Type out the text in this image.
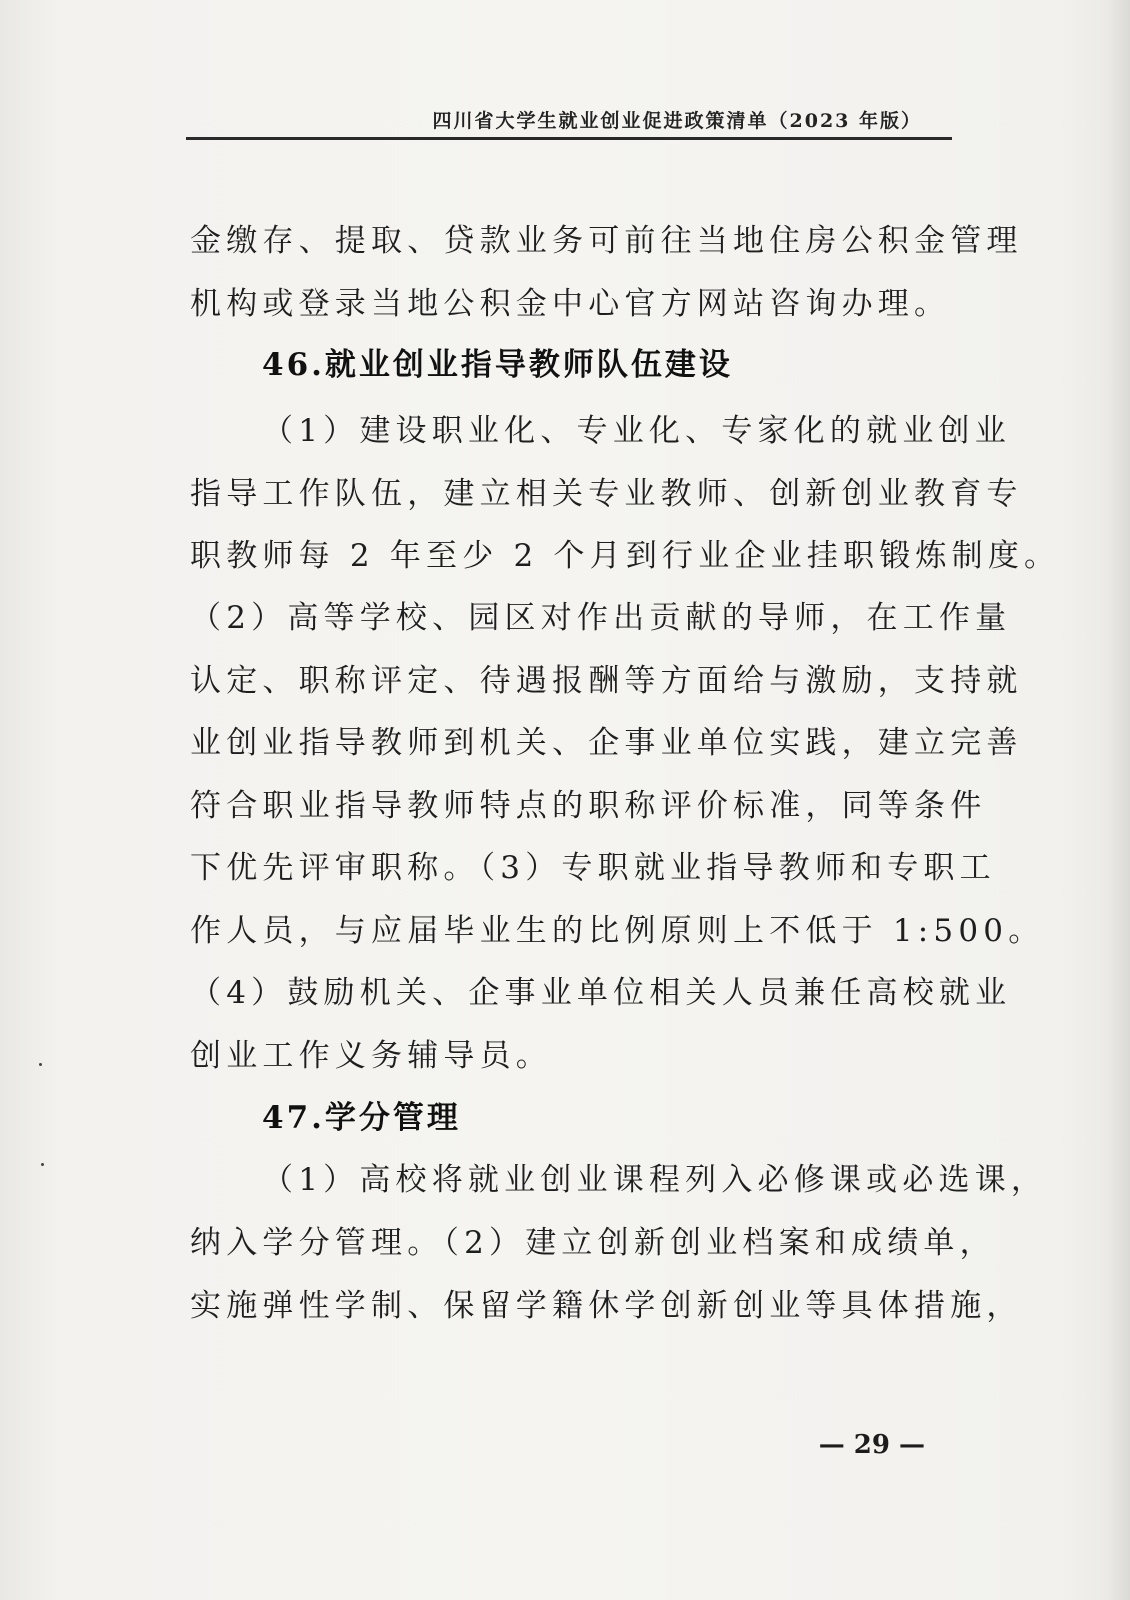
四川省大学生就业创业促进政策清单（2023 年版）
金缴存、提取、贷款业务可前往当地住房公积金管理
机构或登录当地公积金中心官方网站咨询办理。
46.就业创业指导教师队伍建设
（1）建设职业化、专业化、专家化的就业创业
指导工作队伍，建立相关专业教师、创新创业教育专
职教师每 2 年至少 2 个月到行业企业挂职锻炼制度。
（2）高等学校、园区对作出贡献的导师，在工作量
认定、职称评定、待遇报酬等方面给与激励，支持就
业创业指导教师到机关、企事业单位实践，建立完善
符合职业指导教师特点的职称评价标准，同等条件
下优先评审职称。（3）专职就业指导教师和专职工
作人员，与应届毕业生的比例原则上不低于 1:500。
（4）鼓励机关、企事业单位相关人员兼任高校就业
创业工作义务辅导员。
47.学分管理
（1）高校将就业创业课程列入必修课或必选课，
纳入学分管理。（2）建立创新创业档案和成绩单，
实施弹性学制、保留学籍休学创新创业等具体措施，
— 29 —
